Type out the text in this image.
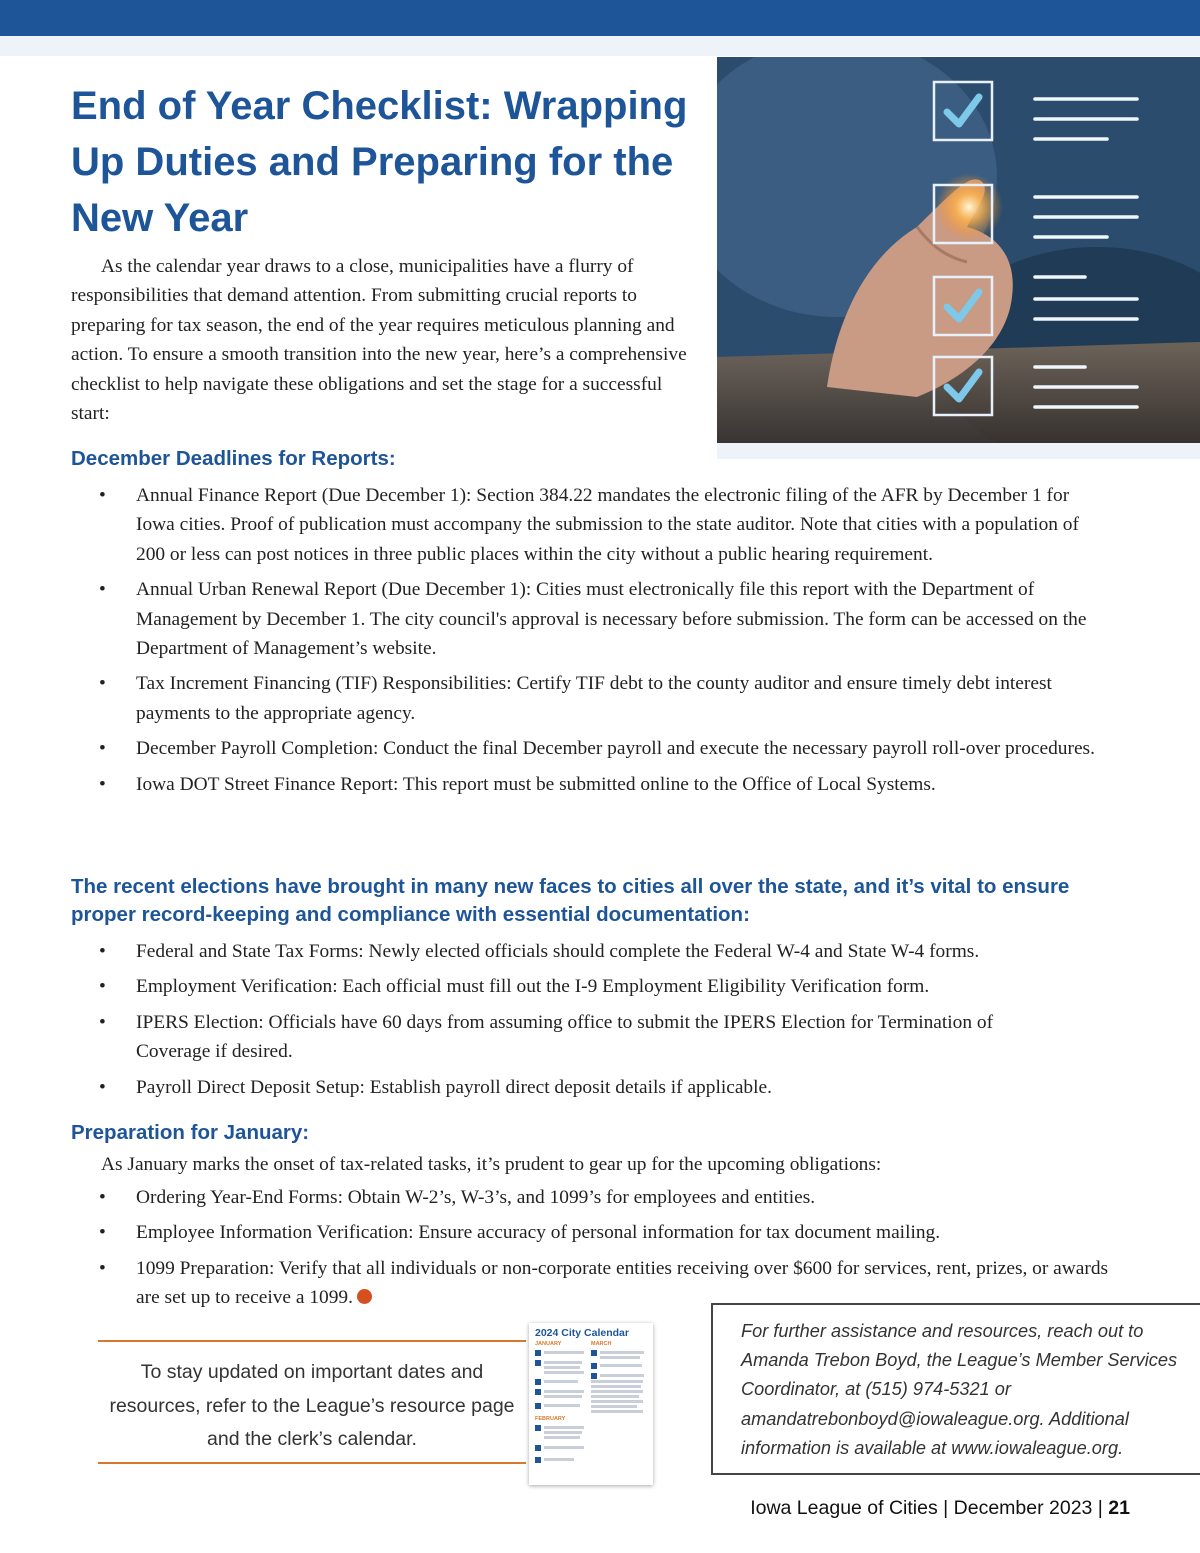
End of Year Checklist: Wrapping Up Duties and Preparing for the New Year

As the calendar year draws to a close, municipalities have a flurry of responsibilities that demand attention. From submitting crucial reports to preparing for tax season, the end of the year requires meticulous planning and action. To ensure a smooth transition into the new year, here’s a comprehensive checklist to help navigate these obligations and set the stage for a successful start:

December Deadlines for Reports:
• Annual Finance Report (Due December 1): Section 384.22 mandates the electronic filing of the AFR by December 1 for Iowa cities. Proof of publication must accompany the submission to the state auditor. Note that cities with a population of 200 or less can post notices in three public places within the city without a public hearing requirement.
• Annual Urban Renewal Report (Due December 1): Cities must electronically file this report with the Department of Management by December 1. The city council's approval is necessary before submission. The form can be accessed on the Department of Management’s website.
• Tax Increment Financing (TIF) Responsibilities: Certify TIF debt to the county auditor and ensure timely debt interest payments to the appropriate agency.
• December Payroll Completion: Conduct the final December payroll and execute the necessary payroll roll-over procedures.
• Iowa DOT Street Finance Report: This report must be submitted online to the Office of Local Systems.
The recent elections have brought in many new faces to cities all over the state, and it’s vital to ensure proper record-keeping and compliance with essential documentation:
• Federal and State Tax Forms: Newly elected officials should complete the Federal W-4 and State W-4 forms.
• Employment Verification: Each official must fill out the I-9 Employment Eligibility Verification form.
• IPERS Election: Officials have 60 days from assuming office to submit the IPERS Election for Termination of Coverage if desired.
• Payroll Direct Deposit Setup: Establish payroll direct deposit details if applicable.
Preparation for January:

As January marks the onset of tax-related tasks, it’s prudent to gear up for the upcoming obligations:

• Ordering Year-End Forms: Obtain W-2’s, W-3’s, and 1099’s for employees and entities.
• Employee Information Verification: Ensure accuracy of personal information for tax document mailing.
• 1099 Preparation: Verify that all individuals or non-corporate entities receiving over $600 for services, rent, prizes, or awards are set up to receive a 1099.
To stay updated on important dates and resources, refer to the League’s resource page and the clerk’s calendar.
2024 City Calendar
JANUARY	MARCH
FEBRUARY
For further assistance and resources, reach out to Amanda Trebon Boyd, the League’s Member Services Coordinator, at (515) 974-5321 or amandatrebonboyd@iowaleague.org. Additional information is available at www.iowaleague.org.
Iowa League of Cities | December 2023 | 21
